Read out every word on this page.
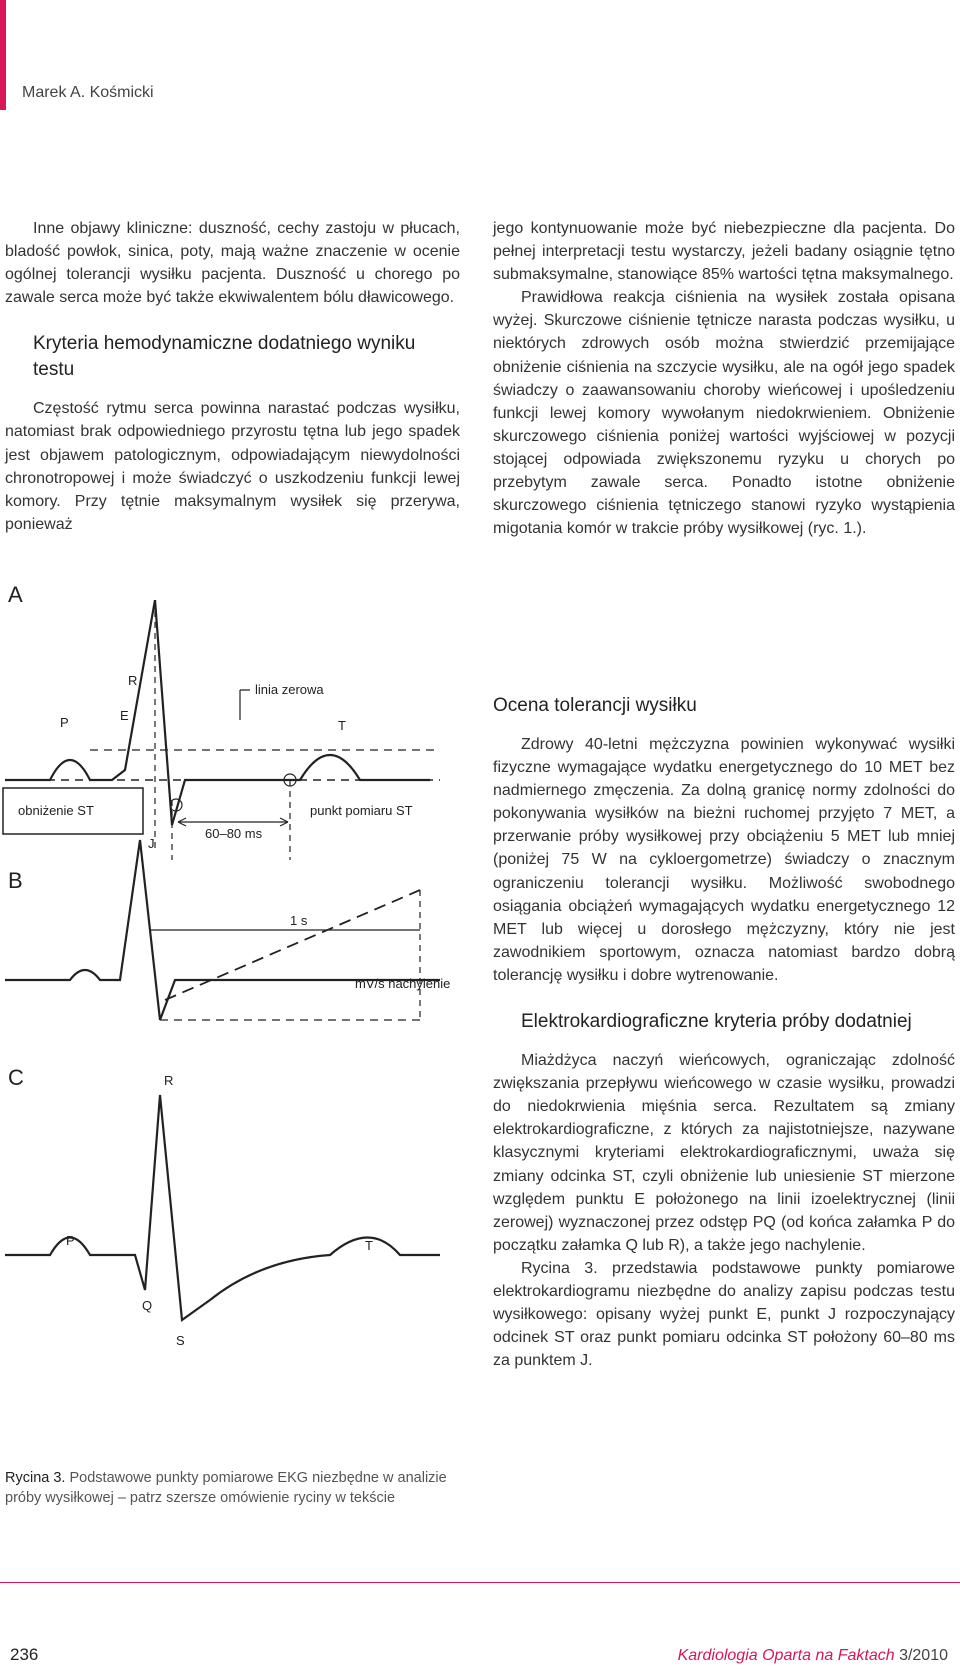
Marek A. Kośmicki

Inne objawy kliniczne: duszność, cechy zastoju w płucach, bladość powłok, sinica, poty, mają ważne znaczenie w ocenie ogólnej tolerancji wysiłku pacjenta. Duszność u chorego po zawale serca może być także ekwiwalentem bólu dławicowego.

Kryteria hemodynamiczne dodatniego wyniku testu

Częstość rytmu serca powinna narastać podczas wysiłku, natomiast brak odpowiedniego przyrostu tętna lub jego spadek jest objawem patologicznym, odpowiadającym niewydolności chronotropowej i może świadczyć o uszkodzeniu funkcji lewej komory. Przy tętnie maksymalnym wysiłek się przerywa, ponieważ

jego kontynuowanie może być niebezpieczne dla pacjenta. Do pełnej interpretacji testu wystarczy, jeżeli badany osiągnie tętno submaksymalne, stanowiące 85% wartości tętna maksymalnego.

Prawidłowa reakcja ciśnienia na wysiłek została opisana wyżej. Skurczowe ciśnienie tętnicze narasta podczas wysiłku, u niektórych zdrowych osób można stwierdzić przemijające obniżenie ciśnienia na szczycie wysiłku, ale na ogół jego spadek świadczy o zaawansowaniu choroby wieńcowej i upośledzeniu funkcji lewej komory wywołanym niedokrwieniem. Obniżenie skurczowego ciśnienia poniżej wartości wyjściowej w pozycji stojącej odpowiada zwiększonemu ryzyku u chorych po przebytym zawale serca. Ponadto istotne obniżenie skurczowego ciśnienia tętniczego stanowi ryzyko wystąpienia migotania komór w trakcie próby wysiłkowej (ryc. 1.).

Ocena tolerancji wysiłku

Zdrowy 40-letni mężczyzna powinien wykonywać wysiłki fizyczne wymagające wydatku energetycznego do 10 MET bez nadmiernego zmęczenia. Za dolną granicę normy zdolności do pokonywania wysiłków na bieżni ruchomej przyjęto 7 MET, a przerwanie próby wysiłkowej przy obciążeniu 5 MET lub mniej (poniżej 75 W na cykloergometrze) świadczy o znacznym ograniczeniu tolerancji wysiłku. Możliwość swobodnego osiągania obciążeń wymagających wydatku energetycznego 12 MET lub więcej u dorosłego mężczyzny, który nie jest zawodnikiem sportowym, oznacza natomiast bardzo dobrą tolerancję wysiłku i dobre wytrenowanie.

Elektrokardiograficzne kryteria próby dodatniej

Miażdżyca naczyń wieńcowych, ograniczając zdolność zwiększania przepływu wieńcowego w czasie wysiłku, prowadzi do niedokrwienia mięśnia serca. Rezultatem są zmiany elektrokardiograficzne, z których za najistotniejsze, nazywane klasycznymi kryteriami elektrokardiograficznymi, uważa się zmiany odcinka ST, czyli obniżenie lub uniesienie ST mierzone względem punktu E położonego na linii izoelektrycznej (linii zerowej) wyznaczonej przez odstęp PQ (od końca załamka P do początku załamka Q lub R), a także jego nachylenie.

Rycina 3. przedstawia podstawowe punkty pomiarowe elektrokardiogramu niezbędne do analizy zapisu podczas testu wysiłkowego: opisany wyżej punkt E, punkt J rozpoczynający odcinek ST oraz punkt pomiaru odcinka ST położony 60–80 ms za punktem J.

A
B
C
R
E
P	T
J
linia zerowa
obniżenie ST
60–80 ms
punkt pomiaru ST
1 s
mV/s nachylenie
R
P	T
Q
S
Rycina 3. Podstawowe punkty pomiarowe EKG niezbędne w analizie próby wysiłkowej – patrz szersze omówienie ryciny w tekście
236	Kardiologia Oparta na Faktach 3/2010
